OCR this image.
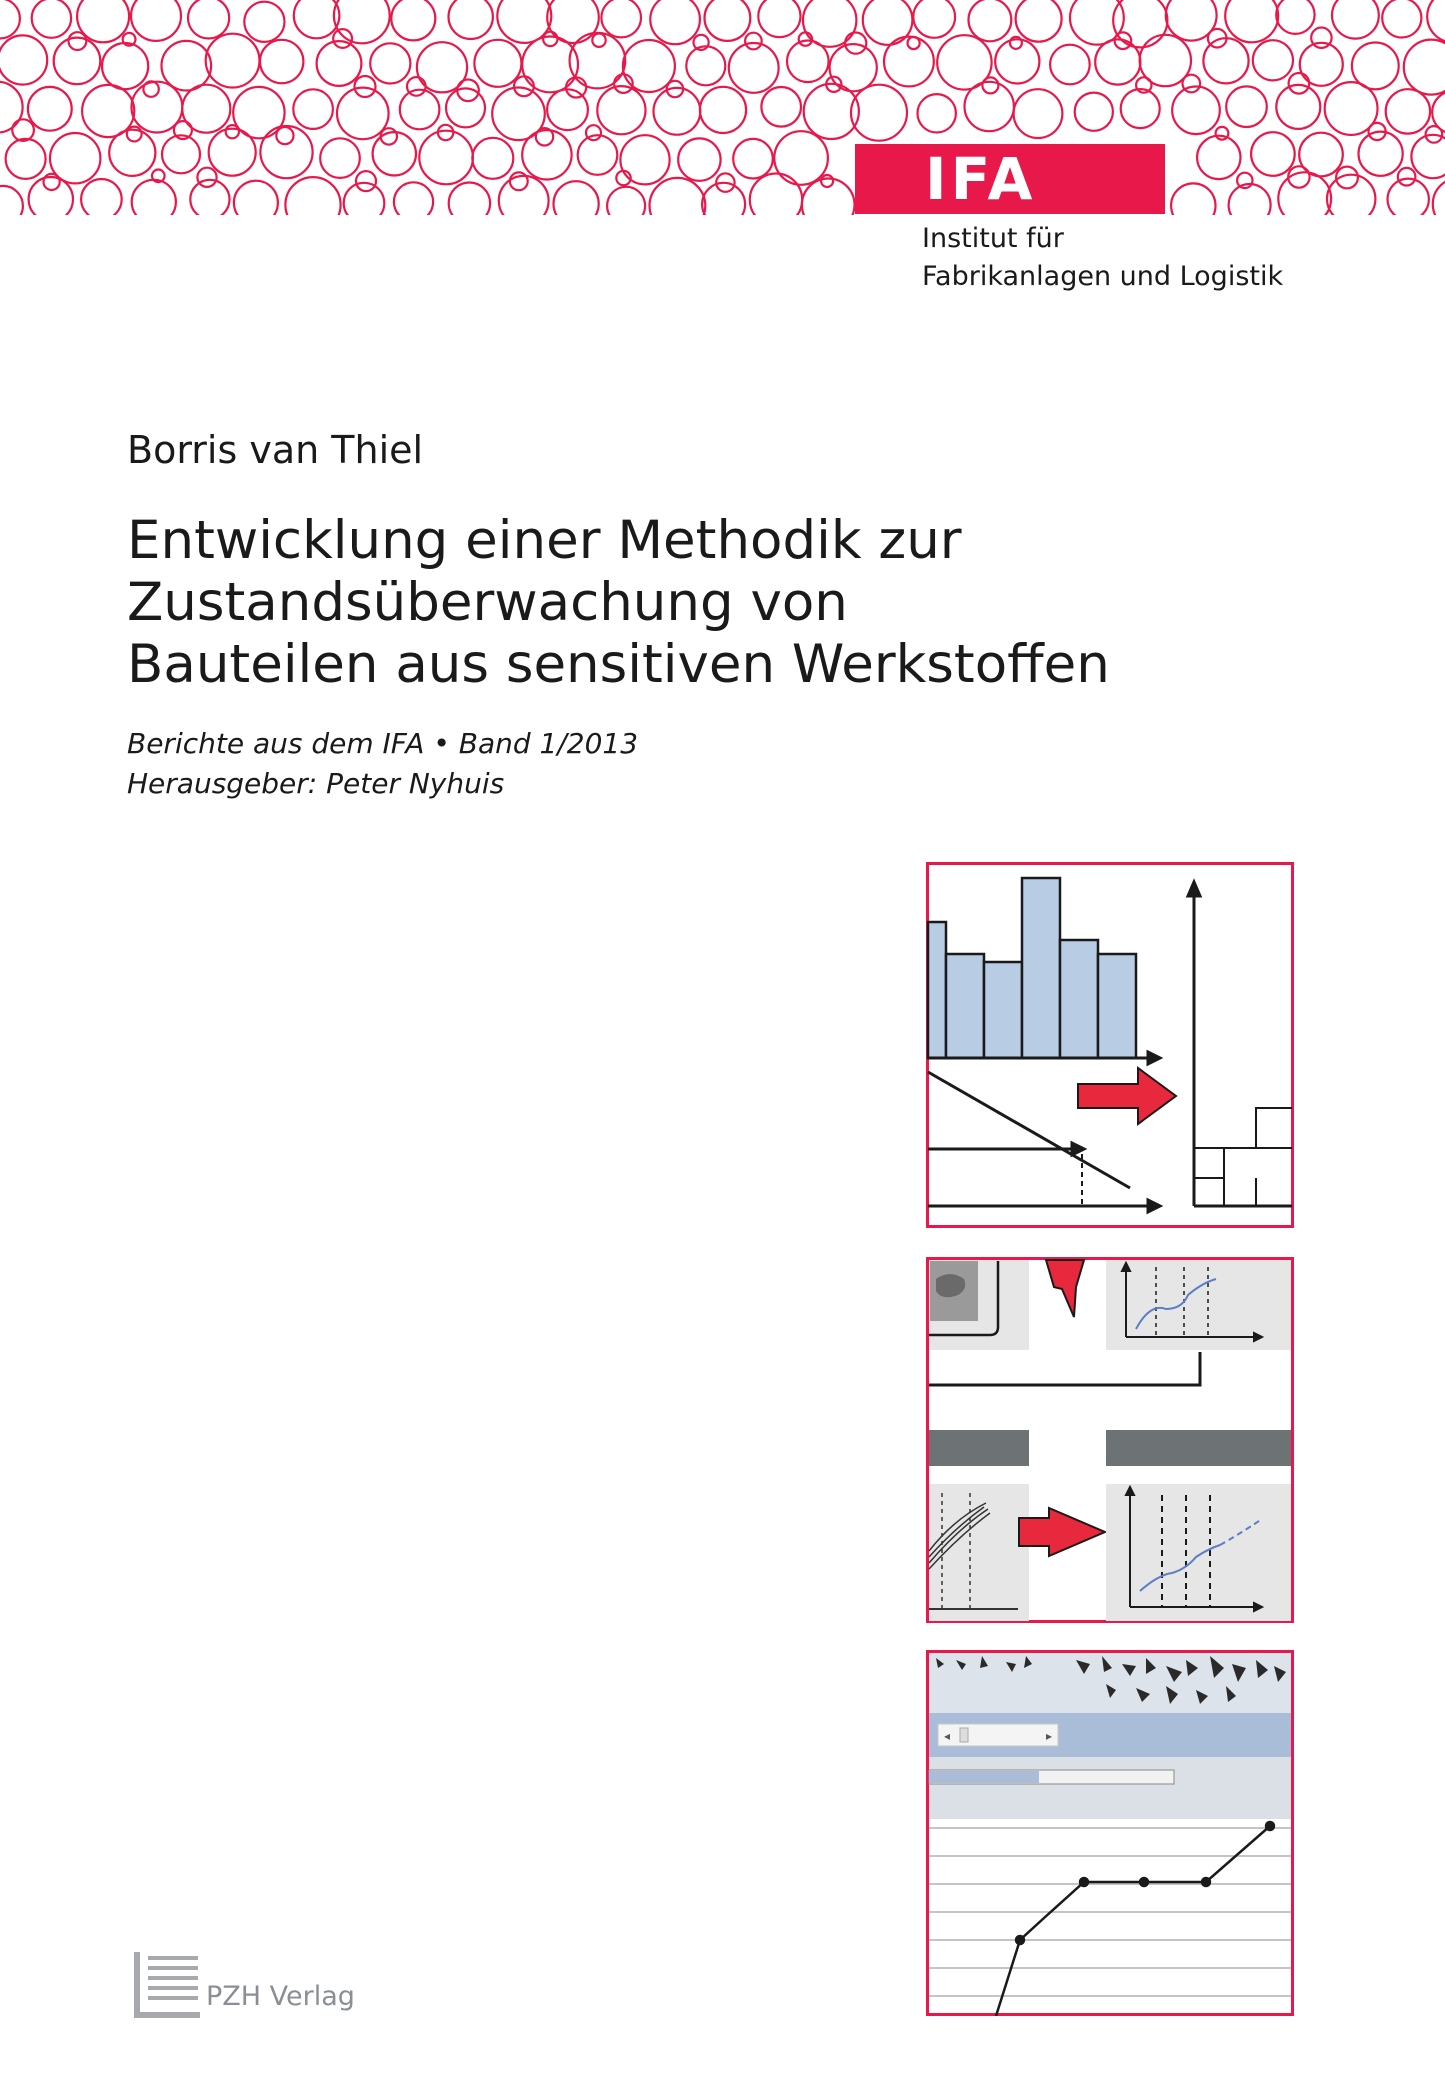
IFA
Institut für
Fabrikanlagen und Logistik
Borris van Thiel
Entwicklung einer Methodik zur
Zustandsüberwachung von
Bauteilen aus sensitiven Werkstoffen
Berichte aus dem IFA • Band 1/2013
Herausgeber: Peter Nyhuis
◂	▸
PZH Verlag
